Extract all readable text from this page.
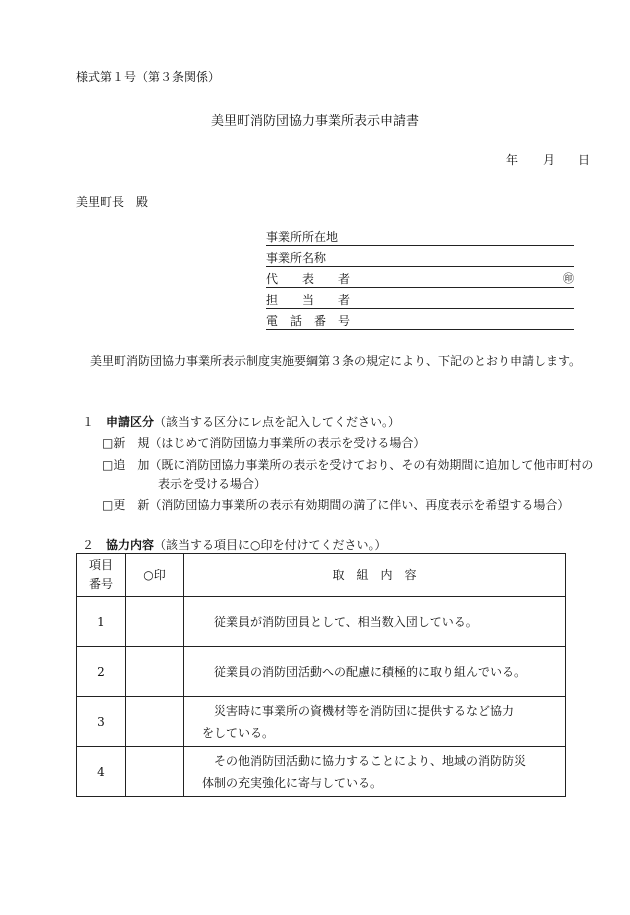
様式第１号（第３条関係）
美里町消防団協力事業所表示申請書
年 月 日
美里町長　殿
事業所所在地
事業所名称
代　　表　　者	㊞
担　　当　　者
電　話　番　号
美里町消防団協力事業所表示制度実施要綱第３条の規定により、下記のとおり申請します。
１　 申請区分（該当する区分にレ点を記入してください。）
□新　規（はじめて消防団協力事業所の表示を受ける場合）
□追　加（既に消防団協力事業所の表示を受けており、その有効期間に追加して他市町村の
表示を受ける場合）
□更　新（消防団協力事業所の表示有効期間の満了に伴い、再度表示を希望する場合）
２　 協力内容（該当する項目に○印を付けてください。）
項目
番号	○印	取　組　内　容
1		従業員が消防団員として、相当数入団している。
2		従業員の消防団活動への配慮に積極的に取り組んでいる。
3		災害時に事業所の資機材等を消防団に提供するなど協力
をしている。
4		その他消防団活動に協力することにより、地域の消防防災
体制の充実強化に寄与している。
